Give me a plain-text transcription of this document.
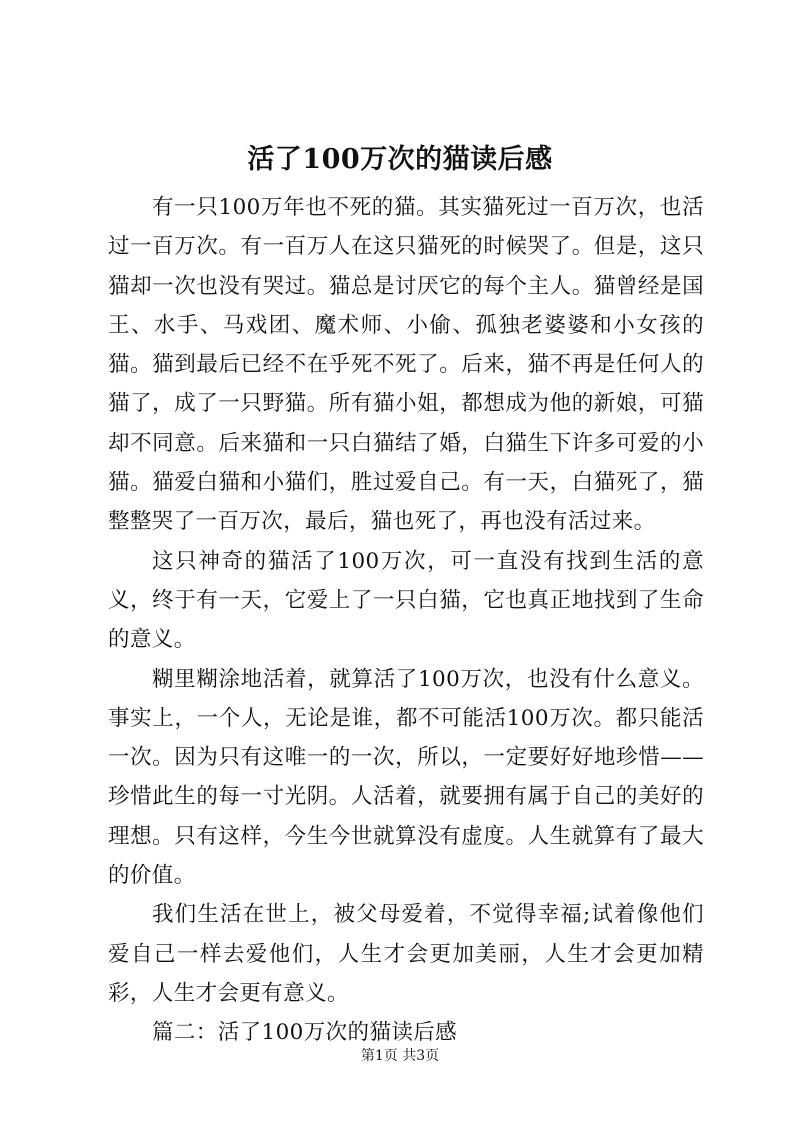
活了100万次的猫读后感

有一只100万年也不死的猫。其实猫死过一百万次，也活过一百万次。有一百万人在这只猫死的时候哭了。但是，这只猫却一次也没有哭过。猫总是讨厌它的每个主人。猫曾经是国王、水手、马戏团、魔术师、小偷、孤独老婆婆和小女孩的猫。猫到最后已经不在乎死不死了。后来，猫不再是任何人的猫了，成了一只野猫。所有猫小姐，都想成为他的新娘，可猫却不同意。后来猫和一只白猫结了婚，白猫生下许多可爱的小猫。猫爱白猫和小猫们，胜过爱自己。有一天，白猫死了，猫整整哭了一百万次，最后，猫也死了，再也没有活过来。

这只神奇的猫活了100万次，可一直没有找到生活的意义，终于有一天，它爱上了一只白猫，它也真正地找到了生命的意义。

糊里糊涂地活着，就算活了100万次，也没有什么意义。事实上，一个人，无论是谁，都不可能活100万次。都只能活一次。因为只有这唯一的一次，所以，一定要好好地珍惜——珍惜此生的每一寸光阴。人活着，就要拥有属于自己的美好的理想。只有这样，今生今世就算没有虚度。人生就算有了最大的价值。

我们生活在世上，被父母爱着，不觉得幸福;试着像他们爱自己一样去爱他们，人生才会更加美丽，人生才会更加精彩，人生才会更有意义。

篇二：活了100万次的猫读后感

第1页 共3页
